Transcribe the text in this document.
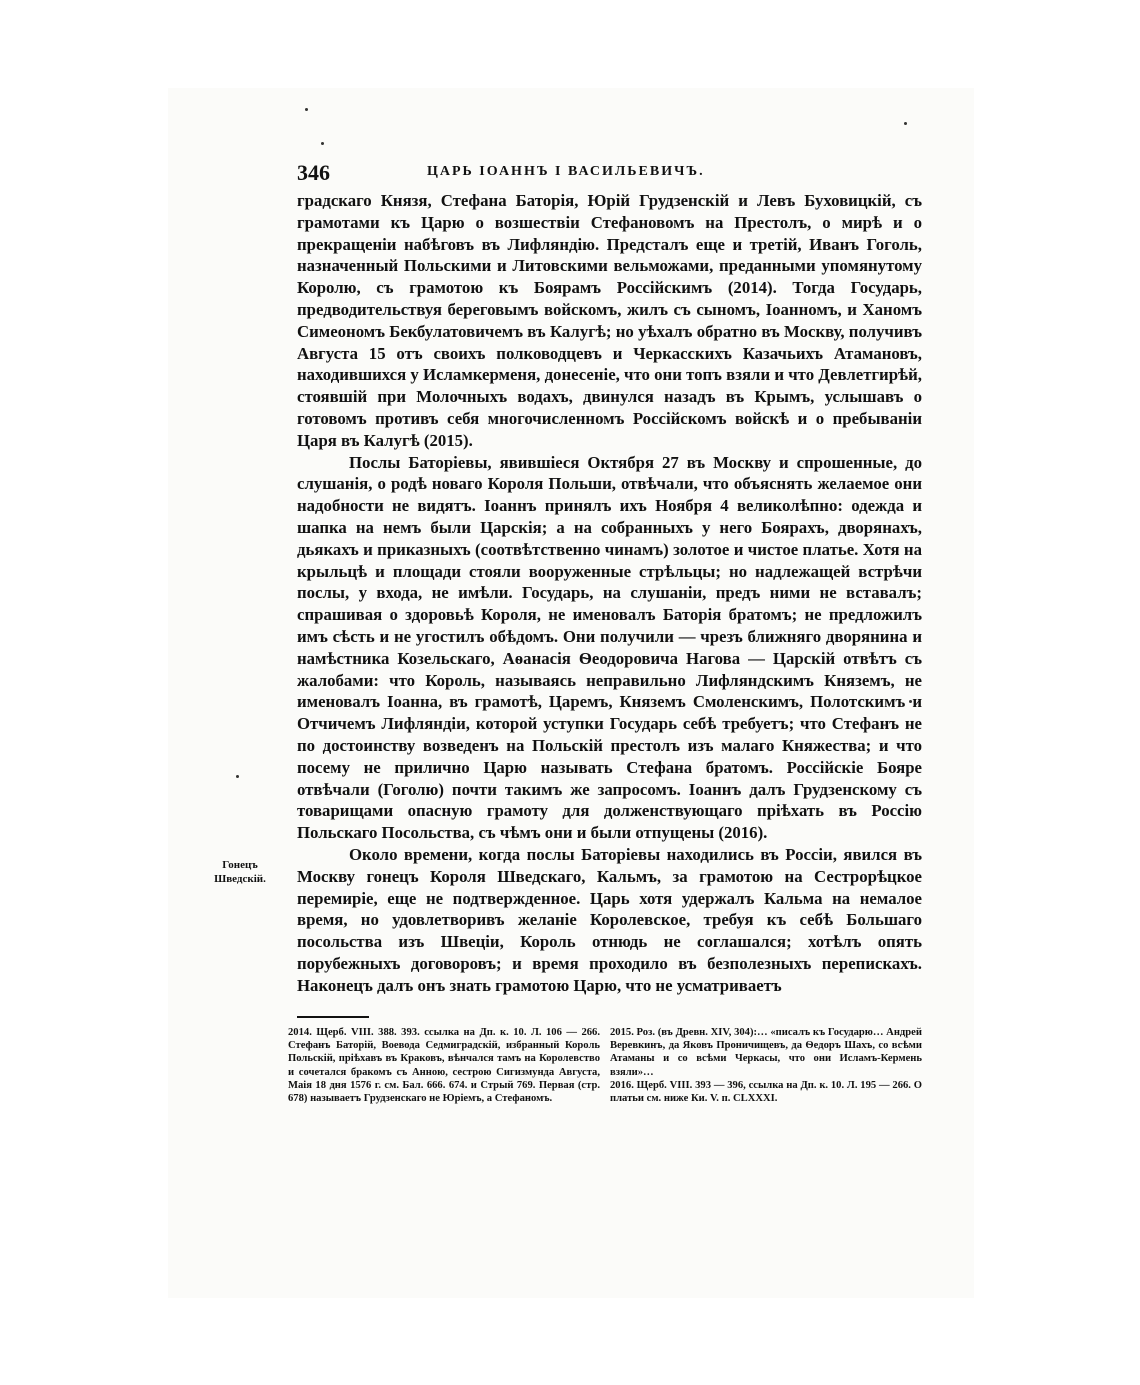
346	ЦАРЬ ІОАННЪ І ВАСИЛЬЕВИЧЪ.

градскаго Князя, Стефана Баторія, Юрій Грудзенскій и Левъ Буховицкій, съ грамотами къ Царю о возшествіи Стефановомъ на Престолъ, о мирѣ и о прекращеніи набѣговъ въ Лифляндію. Предсталъ еще и третій, Иванъ Гоголь, назначенный Польскими и Литовскими вельможами, преданными упомянутому Королю, съ грамотою къ Боярамъ Россійскимъ (2014). Тогда Государь, предводительствуя береговымъ войскомъ, жилъ съ сыномъ, Іоанномъ, и Ханомъ Симеономъ Бекбулатовичемъ въ Калугѣ; но уѣхалъ обратно въ Москву, получивъ Августа 15 отъ своихъ полководцевъ и Черкасскихъ Казачьихъ Атамановъ, находившихся у Исламкерменя, донесеніе, что они топъ взяли и что Девлетгирѣй, стоявшій при Молочныхъ водахъ, двинулся назадъ въ Крымъ, услышавъ о готовомъ противъ себя многочисленномъ Россійскомъ войскѣ и о пребываніи Царя въ Калугѣ (2015).

Послы Баторіевы, явившіеся Октября 27 въ Москву и спрошенные, до слушанія, о родѣ новаго Короля Польши, отвѣчали, что объяснять желаемое они надобности не видятъ. Іоаннъ принялъ ихъ Ноября 4 великолѣпно: одежда и шапка на немъ были Царскія; а на собранныхъ у него Боярахъ, дворянахъ, дьякахъ и приказныхъ (соотвѣтственно чинамъ) золотое и чистое платье. Хотя на крыльцѣ и площади стояли вооруженные стрѣльцы; но надлежащей встрѣчи послы, у входа, не имѣли. Государь, на слушаніи, предъ ними не вставалъ; спрашивая о здоровьѣ Короля, не именовалъ Баторія братомъ; не предложилъ имъ сѣсть и не угостилъ обѣдомъ. Они получили — чрезъ ближняго дворянина и намѣстника Козельскаго, Аѳанасія Ѳеодоровича Нагова — Царскій отвѣтъ съ жалобами: что Король, называясь неправильно Лифляндскимъ Княземъ, не именовалъ Іоанна, въ грамотѣ, Царемъ, Княземъ Смоленскимъ, Полотскимъ и Отчичемъ Лифляндіи, которой уступки Государь себѣ требуетъ; что Стефанъ не по достоинству возведенъ на Польскій престолъ изъ малаго Княжества; и что посему не прилично Царю называть Стефана братомъ. Россійскіе Бояре отвѣчали (Гоголю) почти такимъ же запросомъ. Іоаннъ далъ Грудзенскому съ товарищами опасную грамоту для долженствующаго пріѣхать въ Россію Польскаго Посольства, съ чѣмъ они и были отпущены (2016).

Около времени, когда послы Баторіевы находились въ Россіи, явился въ Москву гонецъ Короля Шведскаго, Кальмъ, за грамотою на Сестрорѣцкое перемиріе, еще не подтвержденное. Царь хотя удержалъ Кальма на немалое время, но удовлетворивъ желаніе Королевское, требуя къ себѣ Большаго посольства изъ Швеціи, Король отнюдь не соглашался; хотѣлъ опять порубежныхъ договоровъ; и время проходило въ безполезныхъ перепискахъ. Наконецъ далъ онъ знать грамотою Царю, что не усматриваетъ

Гонецъ Шведскій.

2014. Щерб. VIII. 388. 393. ссылка на Дп. к. 10. Л. 106 — 266. Стефанъ Баторій, Воевода Седмиградскій, избранный Король Польскій, пріѣхавъ въ Краковъ, вѣнчался тамъ на Королевство и сочетался бракомъ съ Анною, сестрою Сигизмунда Августа, Маія 18 дня 1576 г. см. Бал. 666. 674. и Стрый 769. Первая (стр. 678) называетъ Грудзенскаго не Юріемъ, а Стефаномъ.

2015. Роз. (въ Древн. XIV, 304):… «писалъ къ Государю… Андрей Веревкинъ, да Яковъ Проничищевъ, да Ѳедоръ Шахъ, со всѣми Атаманы и со всѣми Черкасы, что они Исламъ-Кермень взяли»…

2016. Щерб. VIII. 393 — 396, ссылка на Дп. к. 10. Л. 195 — 266. О платьи см. ниже Ки. V. п. CLXXXI.
